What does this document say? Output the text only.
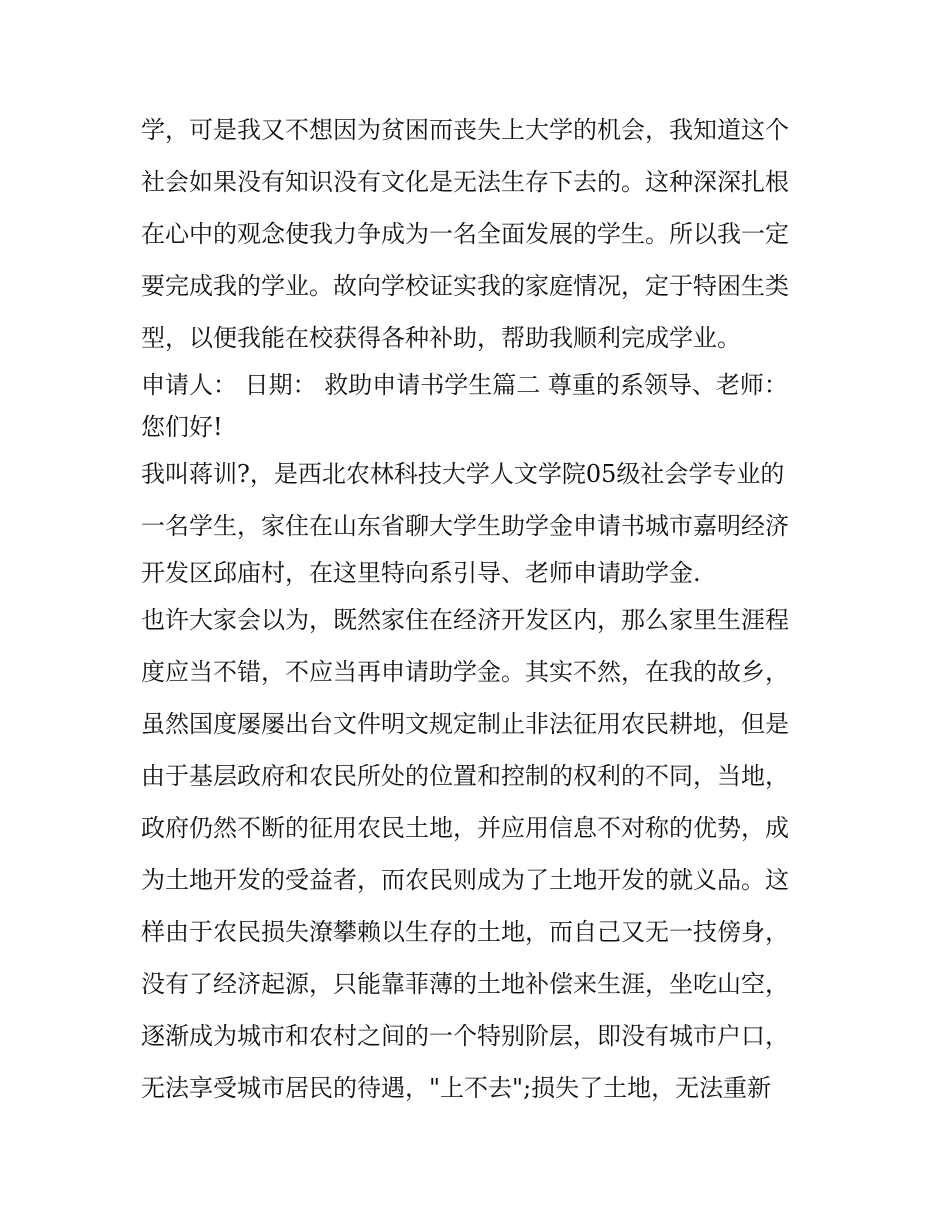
学，可是我又不想因为贫困而丧失上大学的机会，我知道这个
社会如果没有知识没有文化是无法生存下去的。这种深深扎根
在心中的观念使我力争成为一名全面发展的学生。所以我一定
要完成我的学业。故向学校证实我的家庭情况，定于特困生类
型，以便我能在校获得各种补助，帮助我顺利完成学业。
申请人： 日期： 救助申请书学生篇二 尊重的系领导、老师：
您们好!
我叫蒋训?，是西北农林科技大学人文学院05级社会学专业的
一名学生，家住在山东省聊大学生助学金申请书城市嘉明经济
开发区邱庙村，在这里特向系引导、老师申请助学金.
也许大家会以为，既然家住在经济开发区内，那么家里生涯程
度应当不错，不应当再申请助学金。其实不然，在我的故乡，
虽然国度屡屡出台文件明文规定制止非法征用农民耕地，但是
由于基层政府和农民所处的位置和控制的权利的不同，当地，
政府仍然不断的征用农民土地，并应用信息不对称的优势，成
为土地开发的受益者，而农民则成为了土地开发的就义品。这
样由于农民损失潦攀赖以生存的土地，而自己又无一技傍身，
没有了经济起源，只能靠菲薄的土地补偿来生涯，坐吃山空，
逐渐成为城市和农村之间的一个特别阶层，即没有城市户口，
无法享受城市居民的待遇，"上不去";损失了土地，无法重新
